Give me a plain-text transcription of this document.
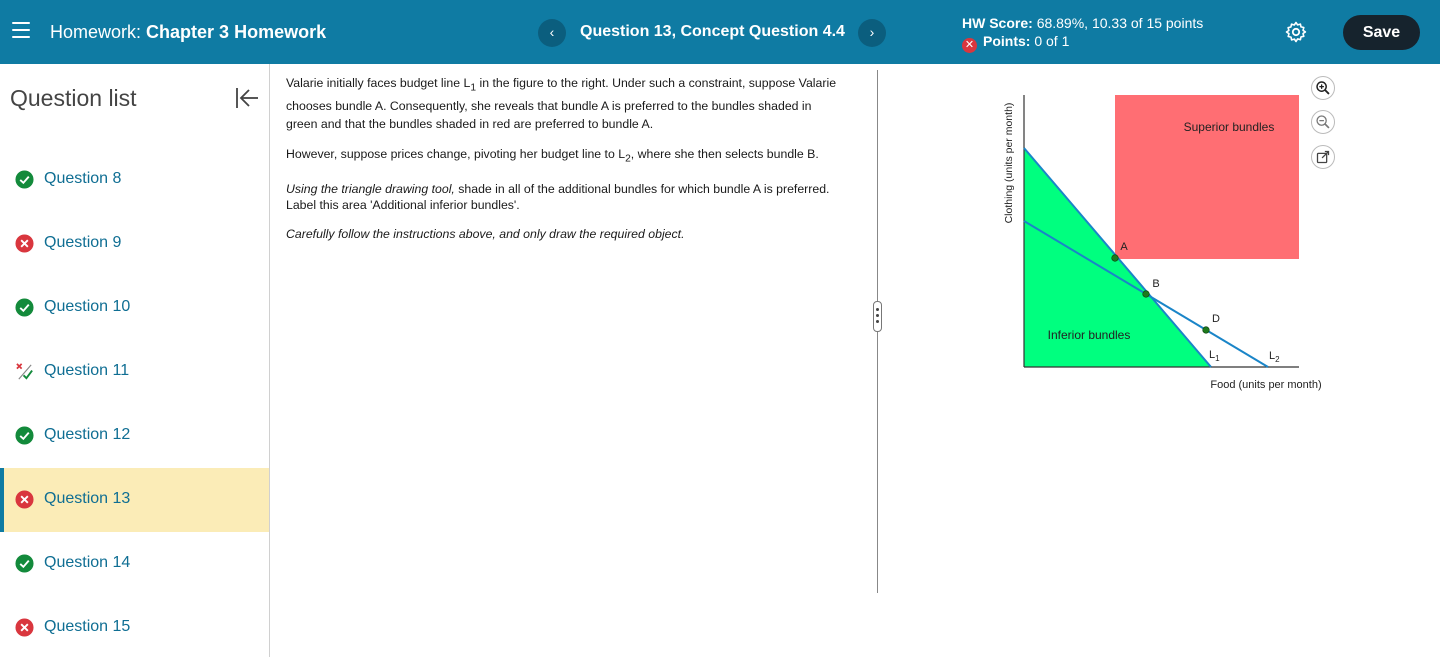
Homework: Chapter 3 Homework	‹	Question 13, Concept Question 4.4	›
HW Score: 68.89%, 10.33 of 15 points
✕ Points: 0 of 1
Save
Question list
Question 8
Question 9
Question 10
Question 11
Question 12
Question 13
Question 14
Question 15

Valarie initially faces budget line $L_1$ in the figure to the right. Under such a constraint, suppose Valarie chooses bundle A. Consequently, she reveals that bundle A is preferred to the bundles shaded in green and that the bundles shaded in red are preferred to bundle A.

However, suppose prices change, pivoting her budget line to $L_2$, where she then selects bundle B.

Using the triangle drawing tool, shade in all of the additional bundles for which bundle A is preferred. Label this area 'Additional inferior bundles'.

Carefully follow the instructions above, and only draw the required object.

Superior bundles
Inferior bundles
A
B
D
$L_1$	$L_2$
Clothing (units per month)
Food (units per month)
